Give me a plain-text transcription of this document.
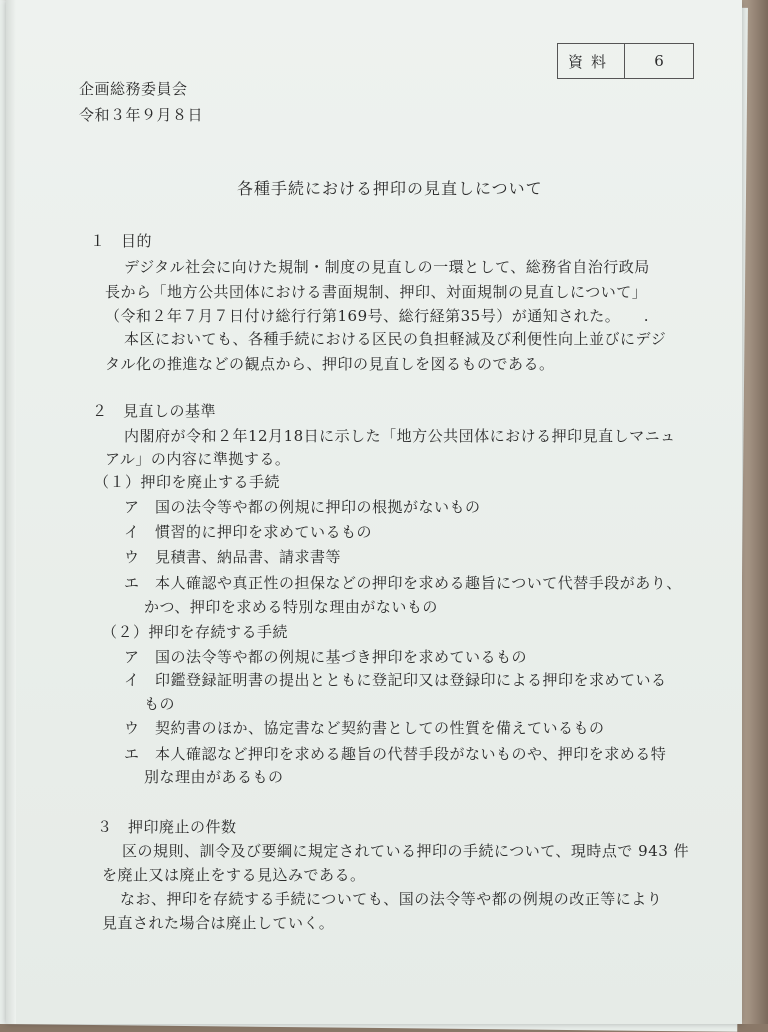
資料	6
企画総務委員会
令和３年９月８日
各種手続における押印の見直しについて
１　目的
デジタル社会に向けた規制・制度の見直しの一環として、総務省自治行政局
長から「地方公共団体における書面規制、押印、対面規制の見直しについて」
（令和２年７月７日付け総行行第169号、総行経第35号）が通知された。　　.
本区においても、各種手続における区民の負担軽減及び利便性向上並びにデジ
タル化の推進などの観点から、押印の見直しを図るものである。
２　見直しの基準
内閣府が令和２年12月18日に示した「地方公共団体における押印見直しマニュ
アル」の内容に準拠する。
（１）押印を廃止する手続
ア　国の法令等や都の例規に押印の根拠がないもの
イ　慣習的に押印を求めているもの
ウ　見積書、納品書、請求書等
エ　本人確認や真正性の担保などの押印を求める趣旨について代替手段があり、
かつ、押印を求める特別な理由がないもの
（２）押印を存続する手続
ア　国の法令等や都の例規に基づき押印を求めているもの
イ　印鑑登録証明書の提出とともに登記印又は登録印による押印を求めている
もの
ウ　契約書のほか、協定書など契約書としての性質を備えているもの
エ　本人確認など押印を求める趣旨の代替手段がないものや、押印を求める特
別な理由があるもの
３　押印廃止の件数
区の規則、訓令及び要綱に規定されている押印の手続について、現時点で 943 件
を廃止又は廃止をする見込みである。
なお、押印を存続する手続についても、国の法令等や都の例規の改正等により
見直された場合は廃止していく。
